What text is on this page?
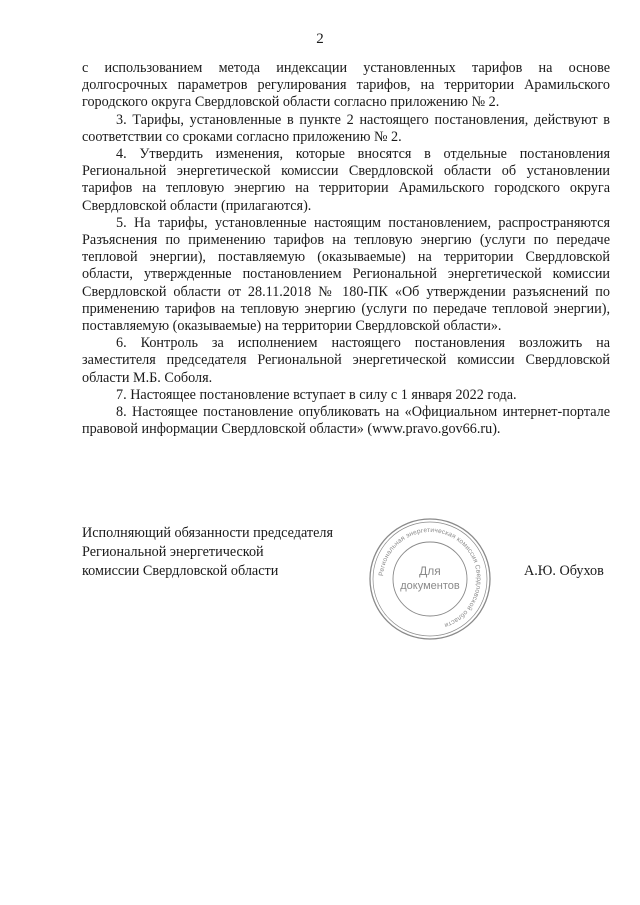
2

с использованием метода индексации установленных тарифов на основе долгосрочных параметров регулирования тарифов, на территории Арамильского городского округа Свердловской области согласно приложению № 2.

3. Тарифы, установленные в пункте 2 настоящего постановления, действуют в соответствии со сроками согласно приложению № 2.

4. Утвердить изменения, которые вносятся в отдельные постановления Региональной энергетической комиссии Свердловской области об установлении тарифов на тепловую энергию на территории Арамильского городского округа Свердловской области (прилагаются).

5. На тарифы, установленные настоящим постановлением, распространяются Разъяснения по применению тарифов на тепловую энергию (услуги по передаче тепловой энергии), поставляемую (оказываемые) на территории Свердловской области, утвержденные постановлением Региональной энергетической комиссии Свердловской области от 28.11.2018 № 180-ПК «Об утверждении разъяснений по применению тарифов на тепловую энергию (услуги по передаче тепловой энергии), поставляемую (оказываемые) на территории Свердловской области».

6. Контроль за исполнением настоящего постановления возложить на заместителя председателя Региональной энергетической комиссии Свердловской области М.Б. Соболя.

7. Настоящее постановление вступает в силу с 1 января 2022 года.

8. Настоящее постановление опубликовать на «Официальном интернет-портале правовой информации Свердловской области» (www.pravo.gov66.ru).

Исполняющий обязанности председателя
Региональной энергетической
комиссии Свердловской области	Региональная энергетическая комиссия Свердловской области
Для
документов
А.Ю. Обухов
